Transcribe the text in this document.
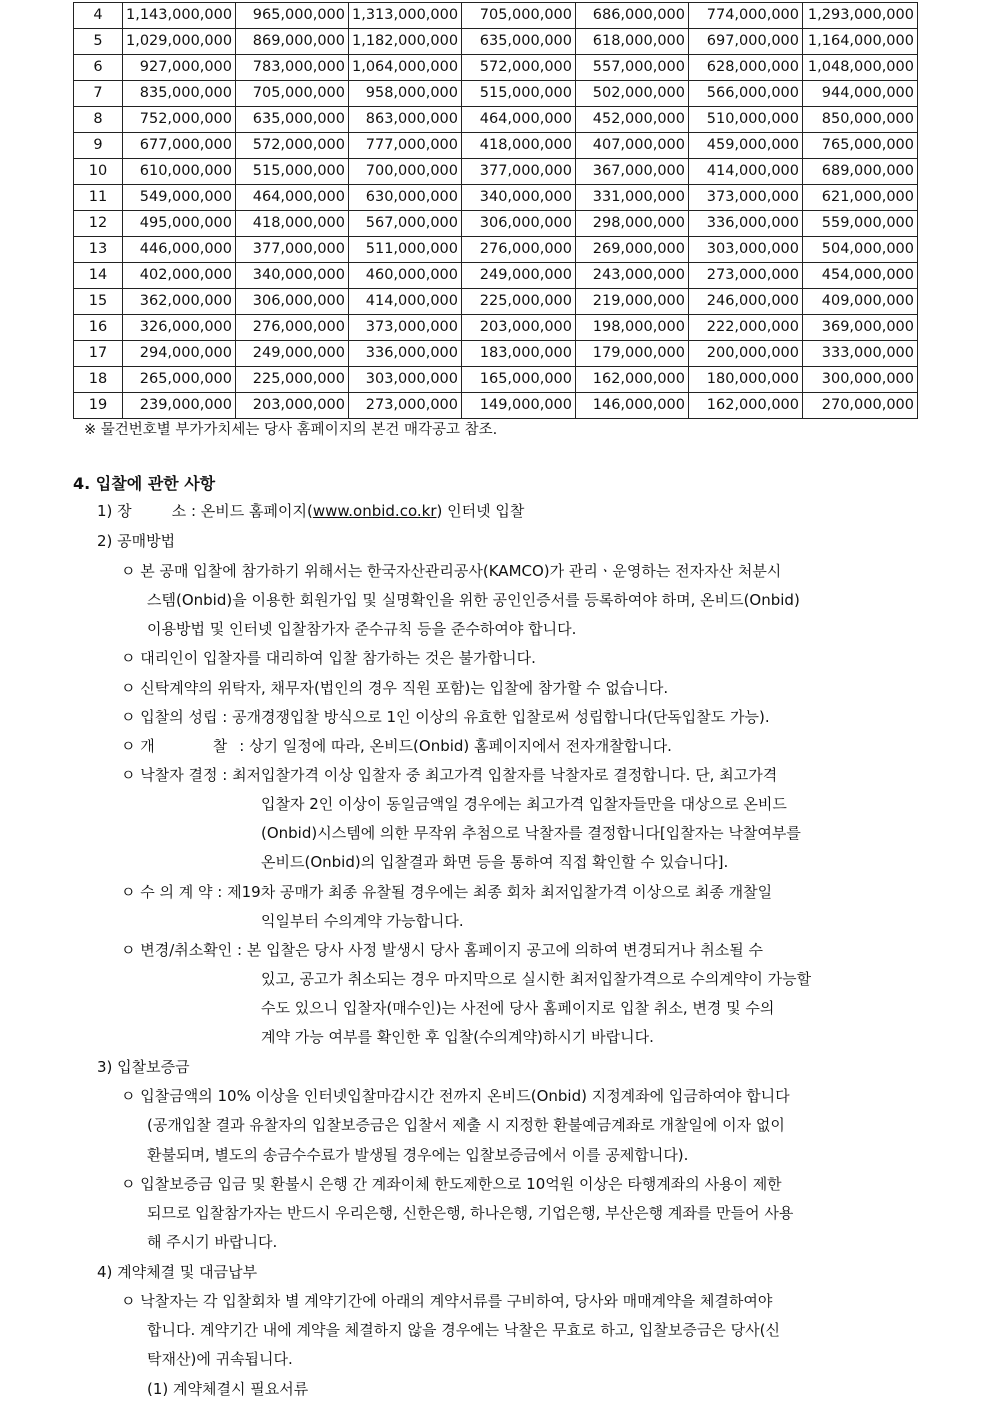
4	1,143,000,000	965,000,000	1,313,000,000	705,000,000	686,000,000	774,000,000	1,293,000,000
5	1,029,000,000	869,000,000	1,182,000,000	635,000,000	618,000,000	697,000,000	1,164,000,000
6	927,000,000	783,000,000	1,064,000,000	572,000,000	557,000,000	628,000,000	1,048,000,000
7	835,000,000	705,000,000	958,000,000	515,000,000	502,000,000	566,000,000	944,000,000
8	752,000,000	635,000,000	863,000,000	464,000,000	452,000,000	510,000,000	850,000,000
9	677,000,000	572,000,000	777,000,000	418,000,000	407,000,000	459,000,000	765,000,000
10	610,000,000	515,000,000	700,000,000	377,000,000	367,000,000	414,000,000	689,000,000
11	549,000,000	464,000,000	630,000,000	340,000,000	331,000,000	373,000,000	621,000,000
12	495,000,000	418,000,000	567,000,000	306,000,000	298,000,000	336,000,000	559,000,000
13	446,000,000	377,000,000	511,000,000	276,000,000	269,000,000	303,000,000	504,000,000
14	402,000,000	340,000,000	460,000,000	249,000,000	243,000,000	273,000,000	454,000,000
15	362,000,000	306,000,000	414,000,000	225,000,000	219,000,000	246,000,000	409,000,000
16	326,000,000	276,000,000	373,000,000	203,000,000	198,000,000	222,000,000	369,000,000
17	294,000,000	249,000,000	336,000,000	183,000,000	179,000,000	200,000,000	333,000,000
18	265,000,000	225,000,000	303,000,000	165,000,000	162,000,000	180,000,000	300,000,000
19	239,000,000	203,000,000	273,000,000	149,000,000	146,000,000	162,000,000	270,000,000
※ 물건번호별 부가가치세는 당사 홈페이지의 본건 매각공고 참조.
4. 입찰에 관한 사항
1) 장	소 : 온비드 홈페이지(www.onbid.co.kr) 인터넷 입찰
2) 공매방법
ㅇ 본 공매 입찰에 참가하기 위해서는 한국자산관리공사(KAMCO)가 관리ㆍ운영하는 전자자산 처분시
스템(Onbid)을 이용한 회원가입 및 실명확인을 위한 공인인증서를 등록하여야 하며, 온비드(Onbid)
이용방법 및 인터넷 입찰참가자 준수규칙 등을 준수하여야 합니다.
ㅇ 대리인이 입찰자를 대리하여 입찰 참가하는 것은 불가합니다.
ㅇ 신탁계약의 위탁자, 채무자(법인의 경우 직원 포함)는 입찰에 참가할 수 없습니다.
ㅇ 입찰의 성립 : 공개경쟁입찰 방식으로 1인 이상의 유효한 입찰로써 성립합니다(단독입찰도 가능).
ㅇ 개	찰 : 상기 일정에 따라, 온비드(Onbid) 홈페이지에서 전자개찰합니다.
ㅇ 낙찰자 결정 : 최저입찰가격 이상 입찰자 중 최고가격 입찰자를 낙찰자로 결정합니다. 단, 최고가격
입찰자 2인 이상이 동일금액일 경우에는 최고가격 입찰자들만을 대상으로 온비드
(Onbid)시스템에 의한 무작위 추첨으로 낙찰자를 결정합니다[입찰자는 낙찰여부를
온비드(Onbid)의 입찰결과 화면 등을 통하여 직접 확인할 수 있습니다].
ㅇ 수 의 계 약 : 제19차 공매가 최종 유찰될 경우에는 최종 회차 최저입찰가격 이상으로 최종 개찰일
익일부터 수의계약 가능합니다.
ㅇ 변경/취소확인 : 본 입찰은 당사 사정 발생시 당사 홈페이지 공고에 의하여 변경되거나 취소될 수
있고, 공고가 취소되는 경우 마지막으로 실시한 최저입찰가격으로 수의계약이 가능할
수도 있으니 입찰자(매수인)는 사전에 당사 홈페이지로 입찰 취소, 변경 및 수의
계약 가능 여부를 확인한 후 입찰(수의계약)하시기 바랍니다.
3) 입찰보증금
ㅇ 입찰금액의 10% 이상을 인터넷입찰마감시간 전까지 온비드(Onbid) 지정계좌에 입금하여야 합니다
(공개입찰 결과 유찰자의 입찰보증금은 입찰서 제출 시 지정한 환불예금계좌로 개찰일에 이자 없이
환불되며, 별도의 송금수수료가 발생될 경우에는 입찰보증금에서 이를 공제합니다).
ㅇ 입찰보증금 입금 및 환불시 은행 간 계좌이체 한도제한으로 10억원 이상은 타행계좌의 사용이 제한
되므로 입찰참가자는 반드시 우리은행, 신한은행, 하나은행, 기업은행, 부산은행 계좌를 만들어 사용
해 주시기 바랍니다.
4) 계약체결 및 대금납부
ㅇ 낙찰자는 각 입찰회차 별 계약기간에 아래의 계약서류를 구비하여, 당사와 매매계약을 체결하여야
합니다. 계약기간 내에 계약을 체결하지 않을 경우에는 낙찰은 무효로 하고, 입찰보증금은 당사(신
탁재산)에 귀속됩니다.
(1) 계약체결시 필요서류
